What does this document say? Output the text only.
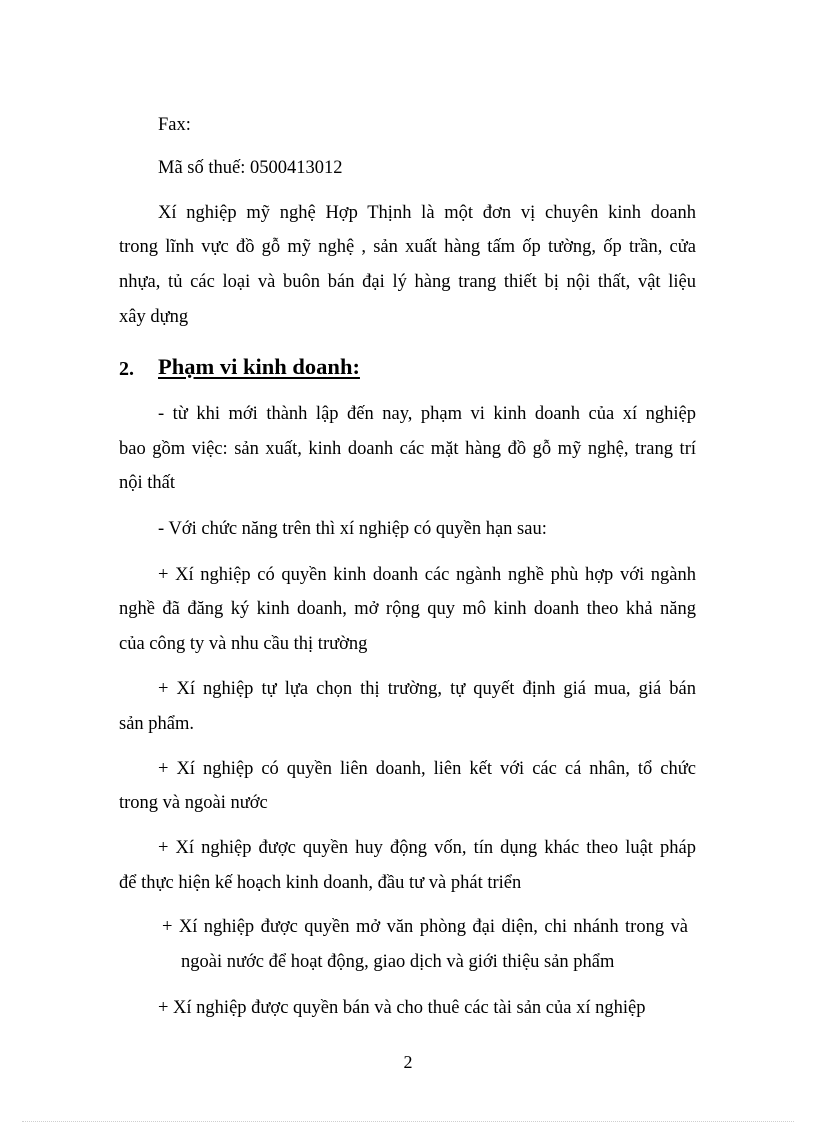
Fax:
Mã số thuế: 0500413012
Xí nghiệp mỹ nghệ Hợp Thịnh là một đơn vị chuyên kinh doanh
trong lĩnh vực đồ gỗ mỹ nghệ , sản xuất hàng tấm ốp tường, ốp trần, cửa
nhựa, tủ các loại và buôn bán đại lý hàng trang thiết bị nội thất, vật liệu
xây dựng
2. Phạm vi kinh doanh:
- từ khi mới thành lập đến nay, phạm vi kinh doanh của xí nghiệp
bao gồm việc: sản xuất, kinh doanh các mặt hàng đồ gỗ mỹ nghệ, trang trí
nội thất
- Với chức năng trên thì xí nghiệp có quyền hạn sau:
+ Xí nghiệp có quyền kinh doanh các ngành nghề phù hợp với ngành
nghề đã đăng ký kinh doanh, mở rộng quy mô kinh doanh theo khả năng
của công ty và nhu cầu thị trường
+ Xí nghiệp tự lựa chọn thị trường, tự quyết định giá mua, giá bán
sản phẩm.
+ Xí nghiệp có quyền liên doanh, liên kết với các cá nhân, tổ chức
trong và ngoài nước
+ Xí nghiệp được quyền huy động vốn, tín dụng khác theo luật pháp
để thực hiện kế hoạch kinh doanh, đầu tư và phát triển
+ Xí nghiệp được quyền mở văn phòng đại diện, chi nhánh trong và
ngoài nước để hoạt động, giao dịch và giới thiệu sản phẩm
+ Xí nghiệp được quyền bán và cho thuê các tài sản của xí nghiệp
2
